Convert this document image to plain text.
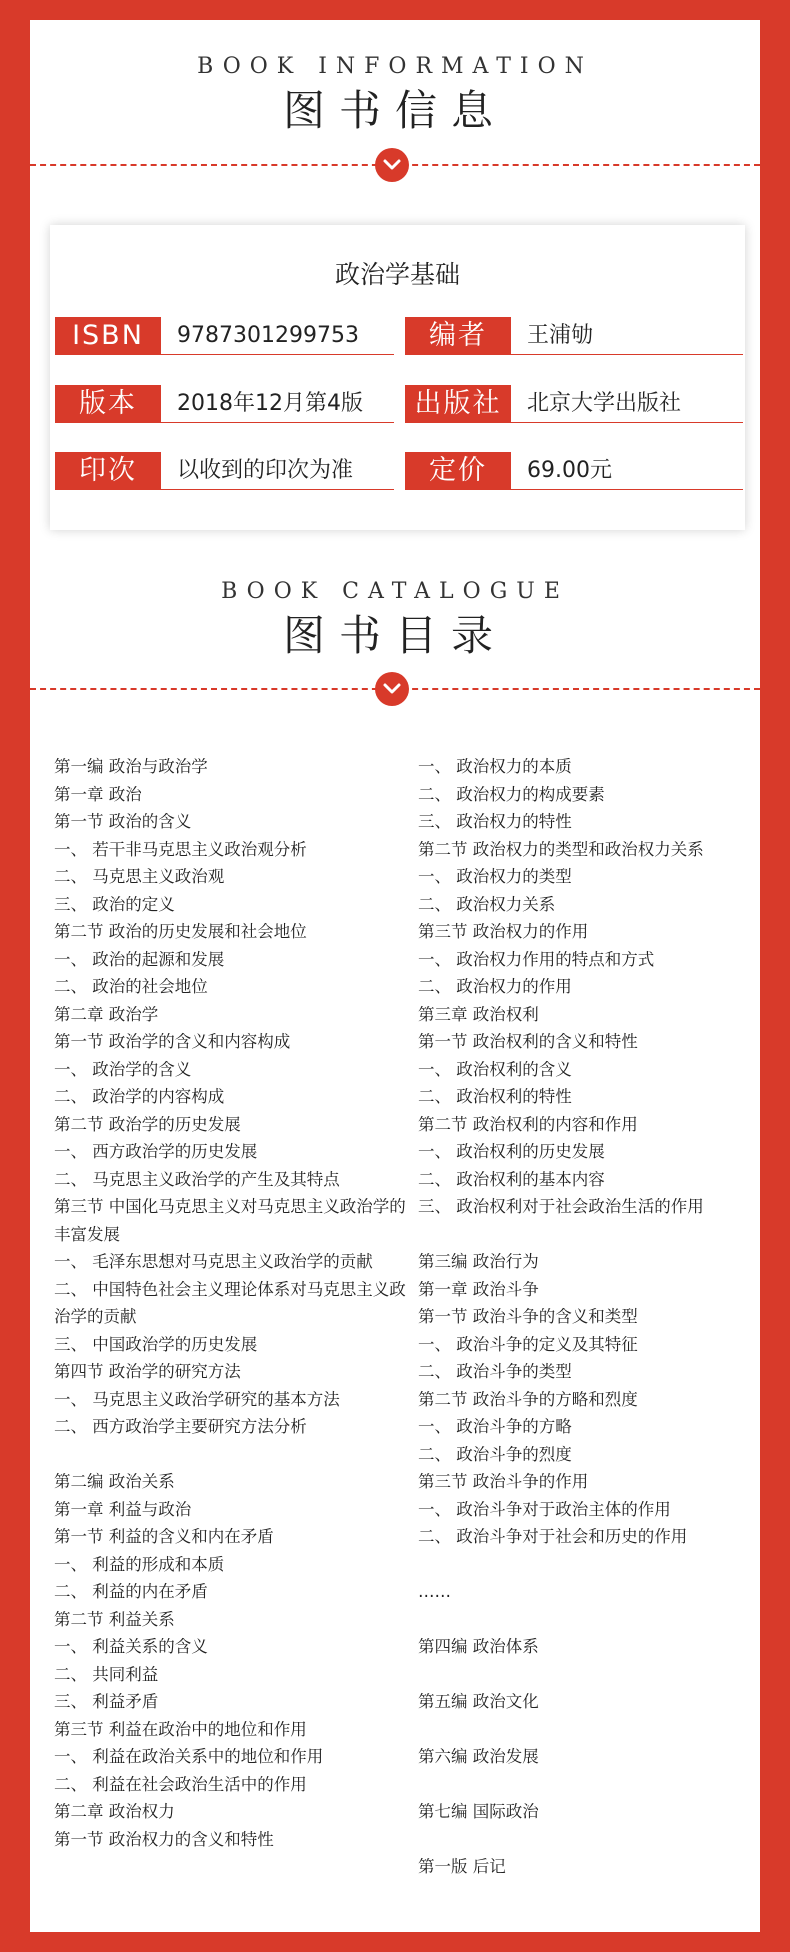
BOOK INFORMATION
图书信息
政治学基础
ISBN	9787301299753	编者	王浦劬
版本	2018年12月第4版	出版社	北京大学出版社
印次	以收到的印次为准	定价	69.00元
BOOK CATALOGUE
图书目录
第一编 政治与政治学
第一章 政治
第一节 政治的含义
一、 若干非马克思主义政治观分析
二、 马克思主义政治观
三、 政治的定义
第二节 政治的历史发展和社会地位
一、 政治的起源和发展
二、 政治的社会地位
第二章 政治学
第一节 政治学的含义和内容构成
一、 政治学的含义
二、 政治学的内容构成
第二节 政治学的历史发展
一、 西方政治学的历史发展
二、 马克思主义政治学的产生及其特点
第三节 中国化马克思主义对马克思主义政治学的丰富发展
一、 毛泽东思想对马克思主义政治学的贡献
二、 中国特色社会主义理论体系对马克思主义政治学的贡献
三、 中国政治学的历史发展
第四节 政治学的研究方法
一、 马克思主义政治学研究的基本方法
二、 西方政治学主要研究方法分析
第二编 政治关系
第一章 利益与政治
第一节 利益的含义和内在矛盾
一、 利益的形成和本质
二、 利益的内在矛盾
第二节 利益关系
一、 利益关系的含义
二、 共同利益
三、 利益矛盾
第三节 利益在政治中的地位和作用
一、 利益在政治关系中的地位和作用
二、 利益在社会政治生活中的作用
第二章 政治权力
第一节 政治权力的含义和特性
一、 政治权力的本质
二、 政治权力的构成要素
三、 政治权力的特性
第二节 政治权力的类型和政治权力关系
一、 政治权力的类型
二、 政治权力关系
第三节 政治权力的作用
一、 政治权力作用的特点和方式
二、 政治权力的作用
第三章 政治权利
第一节 政治权利的含义和特性
一、 政治权利的含义
二、 政治权利的特性
第二节 政治权利的内容和作用
一、 政治权利的历史发展
二、 政治权利的基本内容
三、 政治权利对于社会政治生活的作用
第三编 政治行为
第一章 政治斗争
第一节 政治斗争的含义和类型
一、 政治斗争的定义及其特征
二、 政治斗争的类型
第二节 政治斗争的方略和烈度
一、 政治斗争的方略
二、 政治斗争的烈度
第三节 政治斗争的作用
一、 政治斗争对于政治主体的作用
二、 政治斗争对于社会和历史的作用
……
第四编 政治体系
第五编 政治文化
第六编 政治发展
第七编 国际政治
第一版 后记
